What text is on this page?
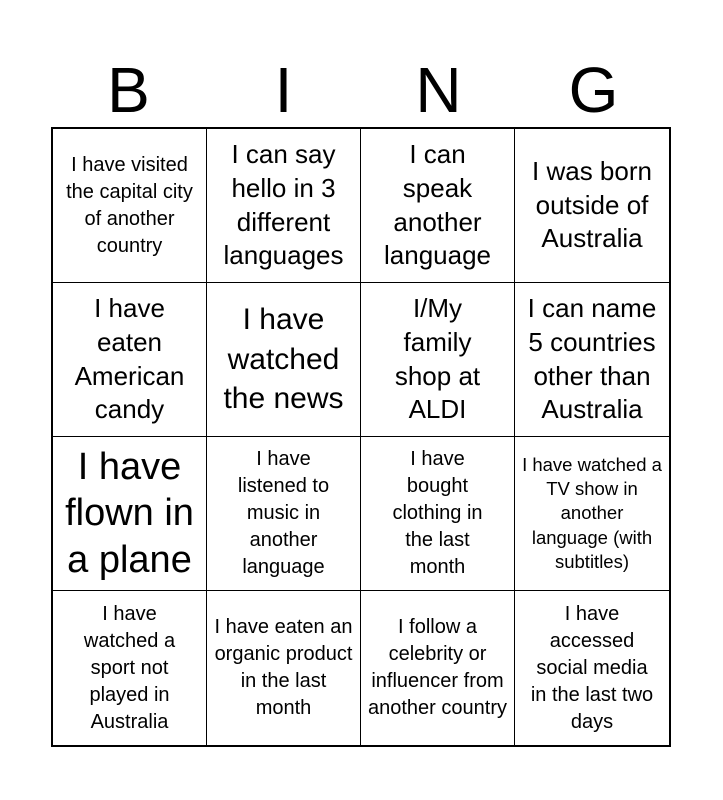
B	I	N	G
I have visited the capital city of another country
I can say hello in 3 different languages
I can speak another language
I was born outside of Australia
I have eaten American candy
I have watched the news
I/My family shop at ALDI
I can name 5 countries other than Australia
I have flown in a plane
I have listened to music in another language
I have bought clothing in the last month
I have watched a TV show in another language (with subtitles)
I have watched a sport not played in Australia
I have eaten an organic product in the last month
I follow a celebrity or influencer from another country
I have accessed social media in the last two days
